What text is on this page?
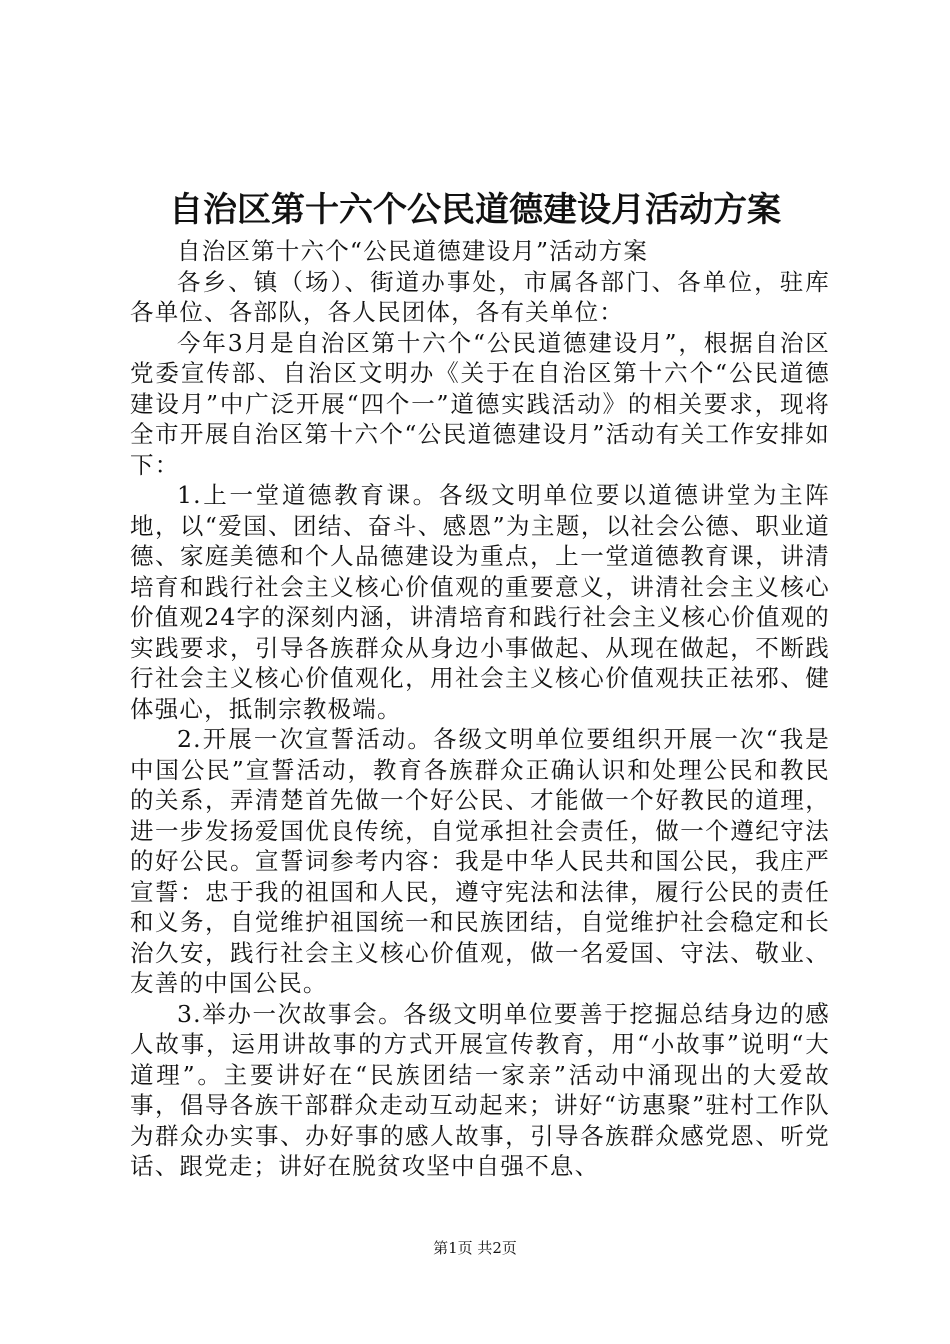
自治区第十六个公民道德建设月活动方案

自治区第十六个“公民道德建设月”活动方案

各乡、镇（场）、街道办事处，市属各部门、各单位，驻库各单位、各部队，各人民团体，各有关单位：

今年3月是自治区第十六个“公民道德建设月”，根据自治区党委宣传部、自治区文明办《关于在自治区第十六个“公民道德建设月”中广泛开展“四个一”道德实践活动》的相关要求，现将全市开展自治区第十六个“公民道德建设月”活动有关工作安排如下：

1.上一堂道德教育课。各级文明单位要以道德讲堂为主阵地，以“爱国、团结、奋斗、感恩”为主题，以社会公德、职业道德、家庭美德和个人品德建设为重点，上一堂道德教育课，讲清培育和践行社会主义核心价值观的重要意义，讲清社会主义核心价值观24字的深刻内涵，讲清培育和践行社会主义核心价值观的实践要求，引导各族群众从身边小事做起、从现在做起，不断践行社会主义核心价值观化，用社会主义核心价值观扶正祛邪、健体强心，抵制宗教极端。

2.开展一次宣誓活动。各级文明单位要组织开展一次“我是中国公民”宣誓活动，教育各族群众正确认识和处理公民和教民的关系，弄清楚首先做一个好公民、才能做一个好教民的道理，进一步发扬爱国优良传统，自觉承担社会责任，做一个遵纪守法的好公民。宣誓词参考内容：我是中华人民共和国公民，我庄严宣誓：忠于我的祖国和人民，遵守宪法和法律，履行公民的责任和义务，自觉维护祖国统一和民族团结，自觉维护社会稳定和长治久安，践行社会主义核心价值观，做一名爱国、守法、敬业、友善的中国公民。

3.举办一次故事会。各级文明单位要善于挖掘总结身边的感人故事，运用讲故事的方式开展宣传教育，用“小故事”说明“大道理”。主要讲好在“民族团结一家亲”活动中涌现出的大爱故事，倡导各族干部群众走动互动起来；讲好“访惠聚”驻村工作队为群众办实事、办好事的感人故事，引导各族群众感党恩、听党话、跟党走；讲好在脱贫攻坚中自强不息、

第1页 共2页
